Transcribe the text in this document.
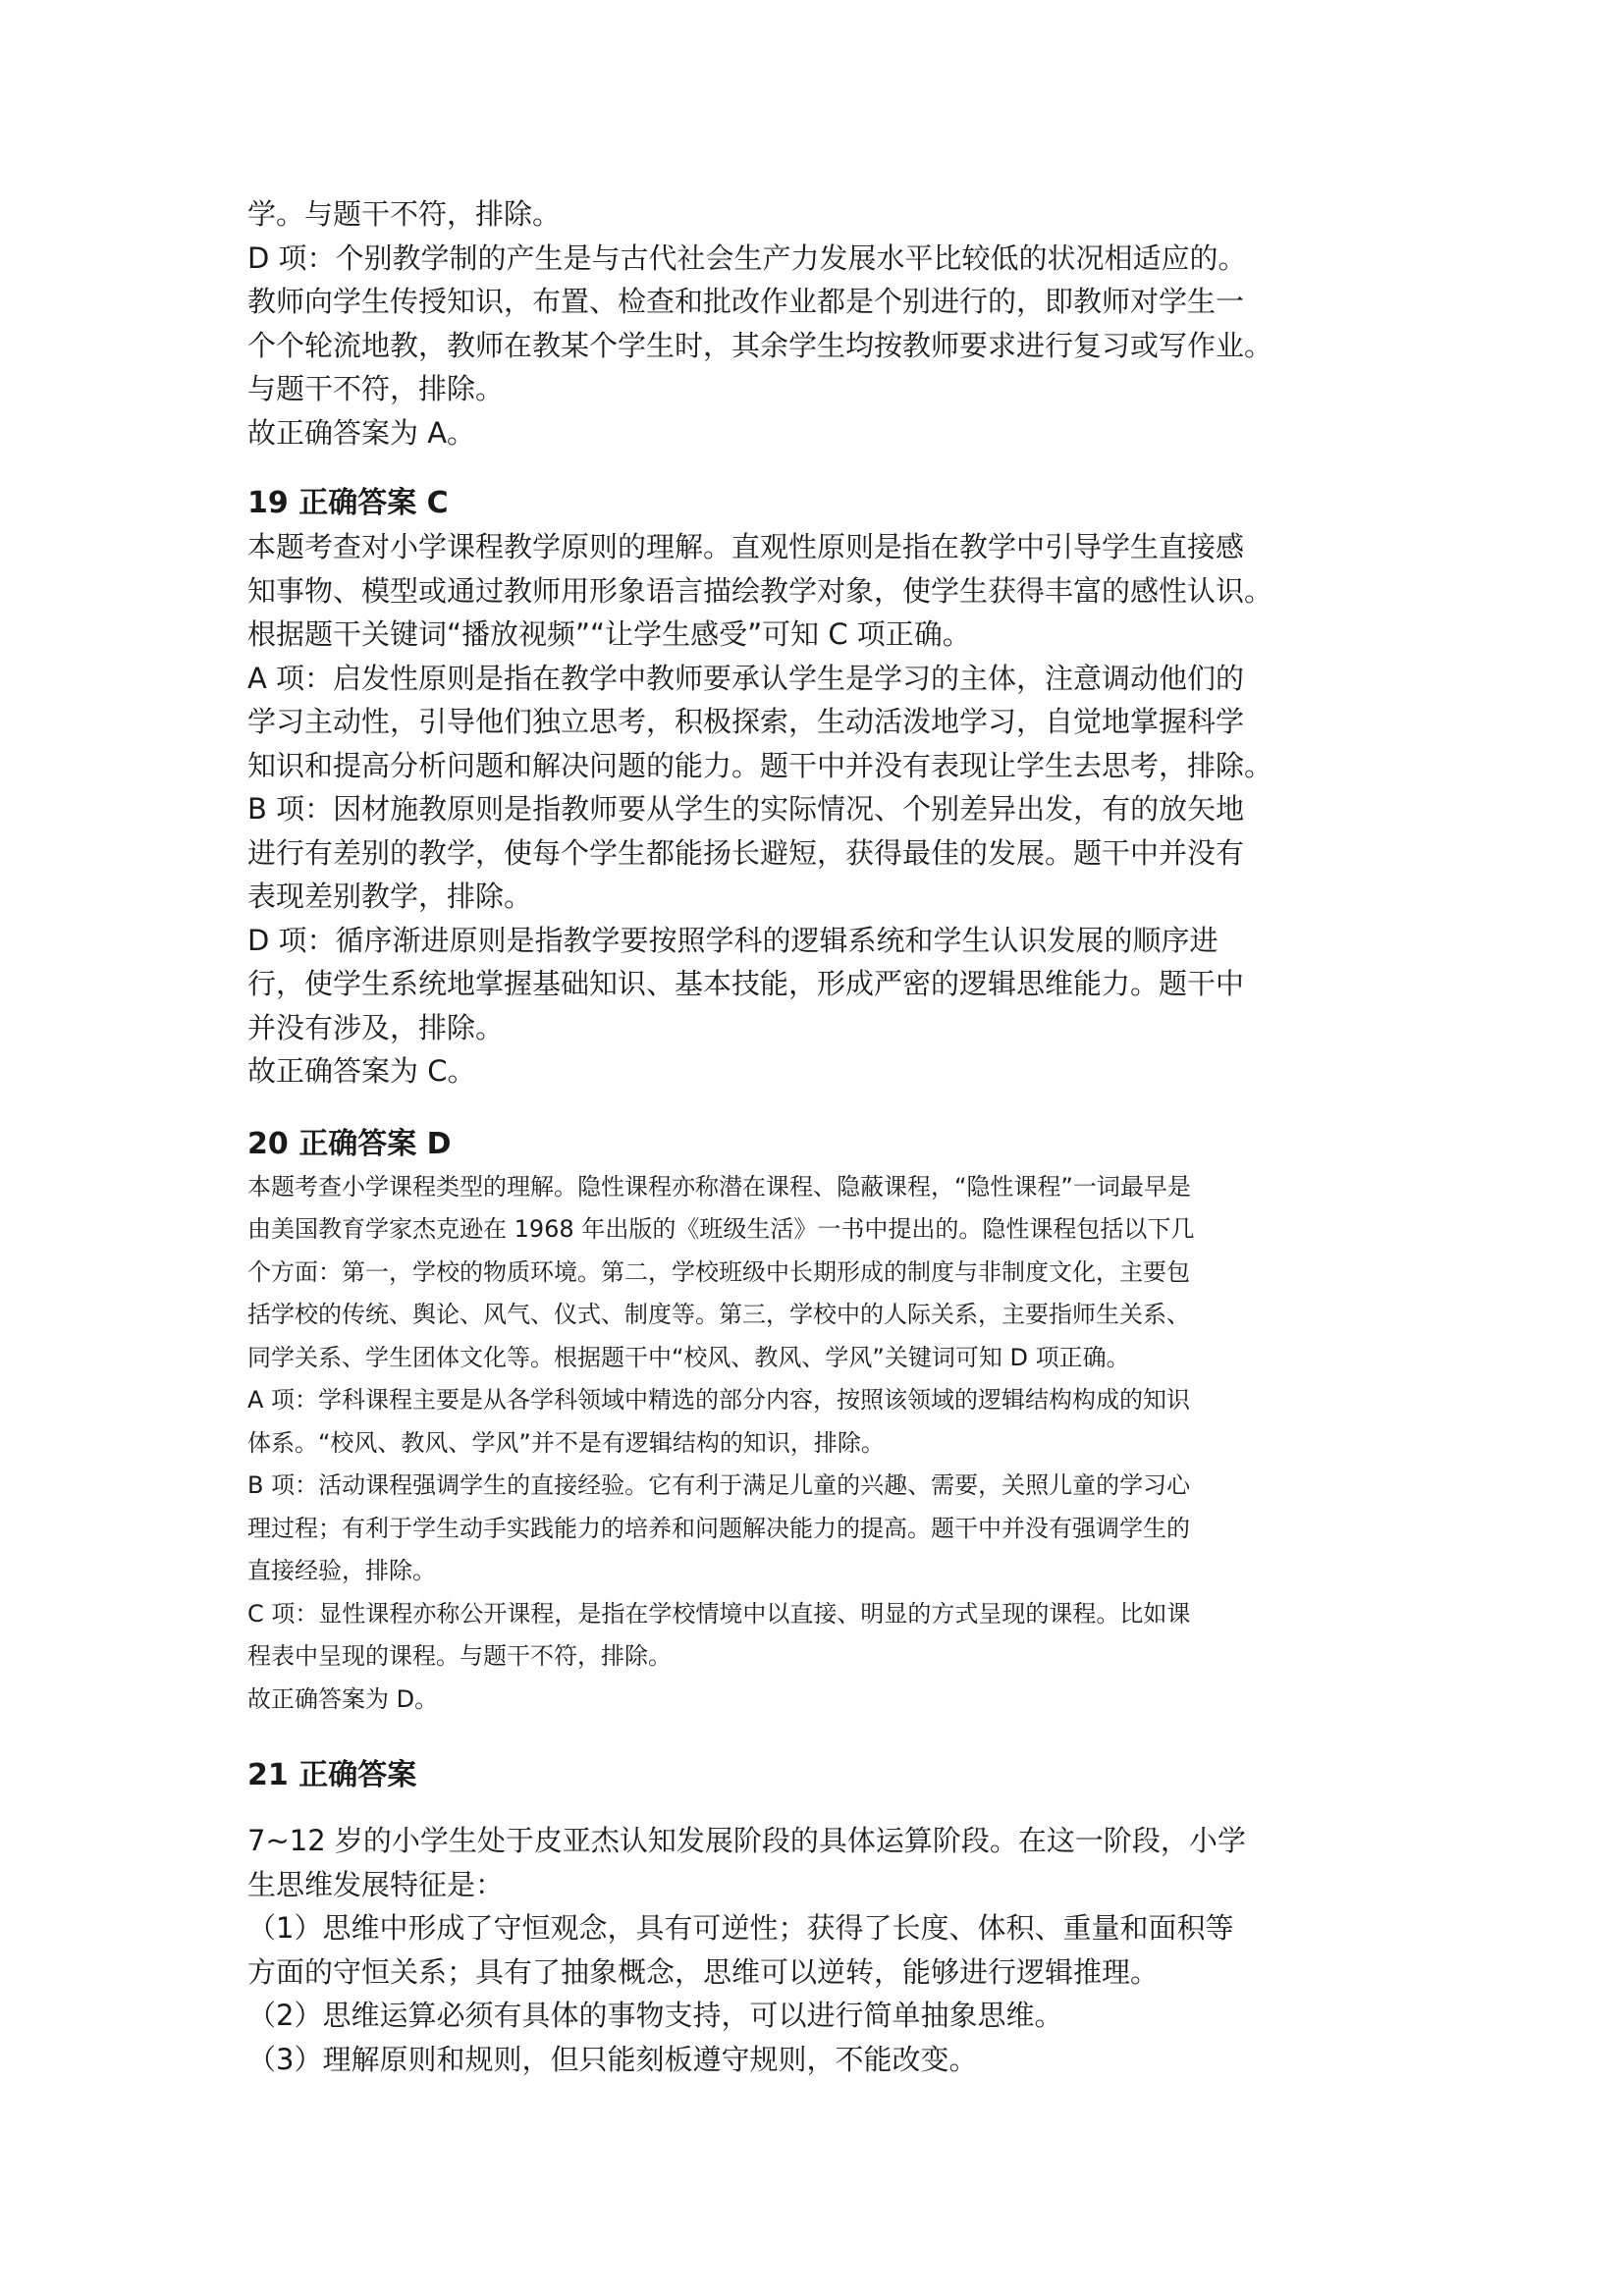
学。与题干不符，排除。

D 项：个别教学制的产生是与古代社会生产力发展水平比较低的状况相适应的。

教师向学生传授知识，布置、检查和批改作业都是个别进行的，即教师对学生一

个个轮流地教，教师在教某个学生时，其余学生均按教师要求进行复习或写作业。

与题干不符，排除。

故正确答案为 A。

19 正确答案 C

本题考查对小学课程教学原则的理解。直观性原则是指在教学中引导学生直接感

知事物、模型或通过教师用形象语言描绘教学对象，使学生获得丰富的感性认识。

根据题干关键词“播放视频”“让学生感受”可知 C 项正确。

A 项：启发性原则是指在教学中教师要承认学生是学习的主体，注意调动他们的

学习主动性，引导他们独立思考，积极探索，生动活泼地学习，自觉地掌握科学

知识和提高分析问题和解决问题的能力。题干中并没有表现让学生去思考，排除。

B 项：因材施教原则是指教师要从学生的实际情况、个别差异出发，有的放矢地

进行有差别的教学，使每个学生都能扬长避短，获得最佳的发展。题干中并没有

表现差别教学，排除。

D 项：循序渐进原则是指教学要按照学科的逻辑系统和学生认识发展的顺序进

行，使学生系统地掌握基础知识、基本技能，形成严密的逻辑思维能力。题干中

并没有涉及，排除。

故正确答案为 C。

20 正确答案 D

本题考查小学课程类型的理解。隐性课程亦称潜在课程、隐蔽课程，“隐性课程”一词最早是

由美国教育学家杰克逊在 1968 年出版的《班级生活》一书中提出的。隐性课程包括以下几

个方面：第一，学校的物质环境。第二，学校班级中长期形成的制度与非制度文化，主要包

括学校的传统、舆论、风气、仪式、制度等。第三，学校中的人际关系，主要指师生关系、

同学关系、学生团体文化等。根据题干中“校风、教风、学风”关键词可知 D 项正确。

A 项：学科课程主要是从各学科领域中精选的部分内容，按照该领域的逻辑结构构成的知识

体系。“校风、教风、学风”并不是有逻辑结构的知识，排除。

B 项：活动课程强调学生的直接经验。它有利于满足儿童的兴趣、需要，关照儿童的学习心

理过程；有利于学生动手实践能力的培养和问题解决能力的提高。题干中并没有强调学生的

直接经验，排除。

C 项：显性课程亦称公开课程，是指在学校情境中以直接、明显的方式呈现的课程。比如课

程表中呈现的课程。与题干不符，排除。

故正确答案为 D。

21 正确答案

7~12 岁的小学生处于皮亚杰认知发展阶段的具体运算阶段。在这一阶段，小学

生思维发展特征是：

（1）思维中形成了守恒观念，具有可逆性；获得了长度、体积、重量和面积等

方面的守恒关系；具有了抽象概念，思维可以逆转，能够进行逻辑推理。

（2）思维运算必须有具体的事物支持，可以进行简单抽象思维。

（3）理解原则和规则，但只能刻板遵守规则，不能改变。
